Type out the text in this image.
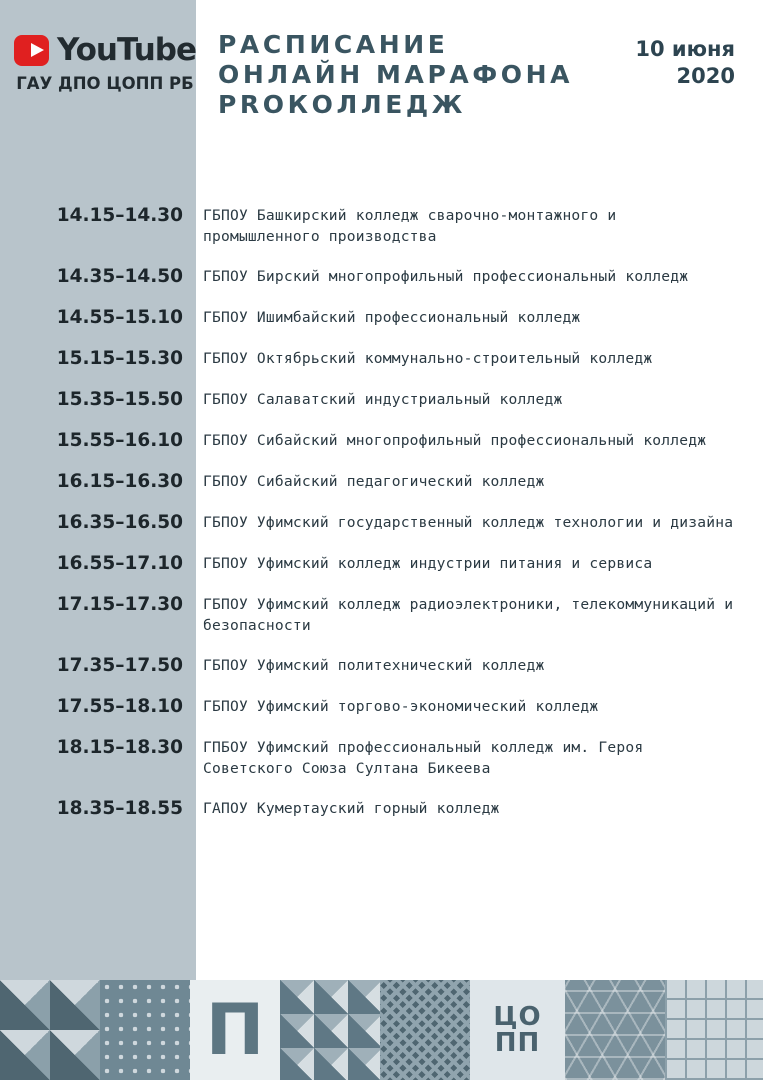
YouTube
ГАУ ДПО ЦОПП РБ
РАСПИСАНИЕ
ОНЛАЙН МАРАФОНА
PROКОЛЛЕДЖ
10 июня
2020
14.15–14.30	ГБПОУ Башкирский колледж сварочно-монтажного и промышленного производства
14.35–14.50	ГБПОУ Бирский многопрофильный профессиональный колледж
14.55–15.10	ГБПОУ Ишимбайский профессиональный колледж
15.15–15.30	ГБПОУ Октябрьский коммунально-строительный колледж
15.35–15.50	ГБПОУ Салаватский индустриальный колледж
15.55–16.10	ГБПОУ Сибайский многопрофильный профессиональный колледж
16.15–16.30	ГБПОУ Сибайский педагогический колледж
16.35–16.50	ГБПОУ Уфимский государственный колледж технологии и дизайна
16.55–17.10	ГБПОУ Уфимский колледж индустрии питания и сервиса
17.15–17.30	ГБПОУ Уфимский колледж радиоэлектроники, телекоммуникаций и безопасности
17.35–17.50	ГБПОУ Уфимский политехнический колледж
17.55–18.10	ГБПОУ Уфимский торгово-экономический колледж
18.15–18.30	ГПБОУ Уфимский профессиональный колледж им. Героя Советского Союза Султана Бикеева
18.35–18.55	ГАПОУ Кумертауский горный колледж
П	ЦО
ПП
